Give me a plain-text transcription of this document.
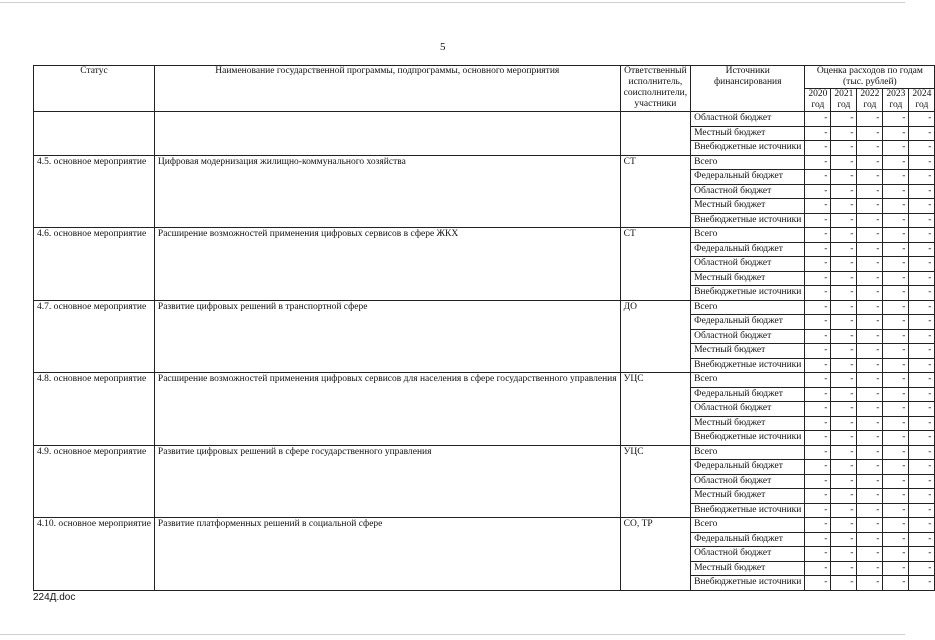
5
Статус	Наименование государственной программы, подпрограммы, основного мероприятия	Ответственный исполнитель, соисполнители, участники	Источники финансирования	Оценка расходов по годам (тыс. рублей)				
				2020 год	2021 год	2022 год	2023 год	2024 год
			Областной бюджет	-	-	-	-	-
			Местный бюджет	-	-	-	-	-
			Внебюджетные источники	-	-	-	-	-
4.5. основное мероприятие	Цифровая модернизация жилищно-коммунального хозяйства	СТ	Всего	-	-	-	-	-
			Федеральный бюджет	-	-	-	-	-
			Областной бюджет	-	-	-	-	-
			Местный бюджет	-	-	-	-	-
			Внебюджетные источники	-	-	-	-	-
4.6. основное мероприятие	Расширение возможностей применения цифровых сервисов в сфере ЖКХ	СТ	Всего	-	-	-	-	-
			Федеральный бюджет	-	-	-	-	-
			Областной бюджет	-	-	-	-	-
			Местный бюджет	-	-	-	-	-
			Внебюджетные источники	-	-	-	-	-
4.7. основное мероприятие	Развитие цифровых решений в транспортной сфере	ДО	Всего	-	-	-	-	-
			Федеральный бюджет	-	-	-	-	-
			Областной бюджет	-	-	-	-	-
			Местный бюджет	-	-	-	-	-
			Внебюджетные источники	-	-	-	-	-
4.8. основное мероприятие	Расширение возможностей применения цифровых сервисов для населения в сфере государственного управления	УЦС	Всего	-	-	-	-	-
			Федеральный бюджет	-	-	-	-	-
			Областной бюджет	-	-	-	-	-
			Местный бюджет	-	-	-	-	-
			Внебюджетные источники	-	-	-	-	-
4.9. основное мероприятие	Развитие цифровых решений в сфере государственного управления	УЦС	Всего	-	-	-	-	-
			Федеральный бюджет	-	-	-	-	-
			Областной бюджет	-	-	-	-	-
			Местный бюджет	-	-	-	-	-
			Внебюджетные источники	-	-	-	-	-
4.10. основное мероприятие	Развитие платформенных решений в социальной сфере	СО, ТР	Всего	-	-	-	-	-
			Федеральный бюджет	-	-	-	-	-
			Областной бюджет	-	-	-	-	-
			Местный бюджет	-	-	-	-	-
			Внебюджетные источники	-	-	-	-	-
224Д.doc
